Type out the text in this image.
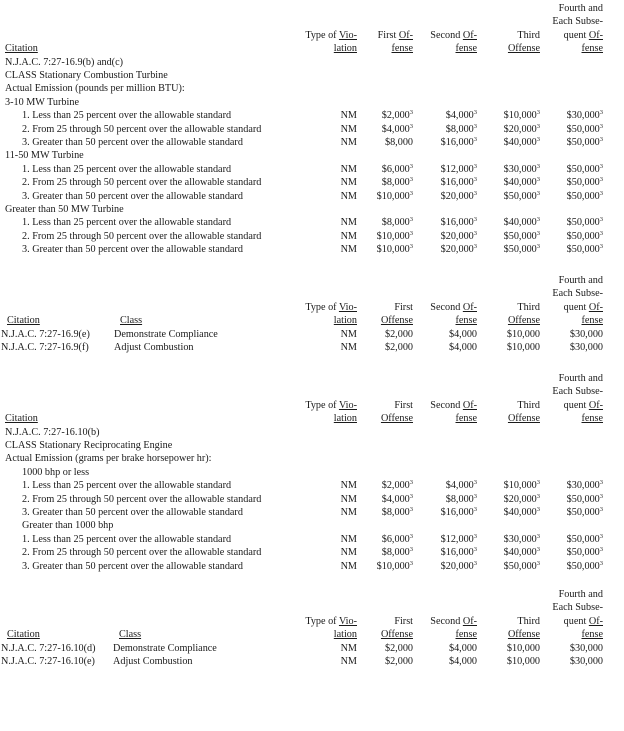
Fourth and
Each Subse-
quent Of-
fense
Type of Vio-
lation
First Of-
fense
Second Of-
fense
Third
Offense
Citation
N.J.A.C. 7:27-16.9(b) and(c)
CLASS Stationary Combustion Turbine
Actual Emission (pounds per million BTU):
3-10 MW Turbine
1. Less than 25 percent over the allowable standard	NM $2,000$^3$	$4,000$^3$	$10,000$^3$	$30,000$^3$
2. From 25 through 50 percent over the allowable standard	NM $4,000$^3$	$8,000$^3$	$20,000$^3$	$50,000$^3$
3. Greater than 50 percent over the allowable standard	NM	$8,000	$16,000$^3$	$40,000$^3$	$50,000$^3$
11-50 MW Turbine
1. Less than 25 percent over the allowable standard	NM $6,000$^3$	$12,000$^3$	$30,000$^3$	$50,000$^3$
2. From 25 through 50 percent over the allowable standard	NM $8,000$^3$	$16,000$^3$	$40,000$^3$	$50,000$^3$
3. Greater than 50 percent over the allowable standard	NM $10,000$^3$	$20,000$^3$	$50,000$^3$	$50,000$^3$
Greater than 50 MW Turbine
1. Less than 25 percent over the allowable standard	NM $8,000$^3$	$16,000$^3$	$40,000$^3$	$50,000$^3$
2. From 25 through 50 percent over the allowable standard	NM $10,000$^3$	$20,000$^3$	$50,000$^3$	$50,000$^3$
3. Greater than 50 percent over the allowable standard	NM $10,000$^3$	$20,000$^3$	$50,000$^3$	$50,000$^3$
Fourth and
Each Subse-
quent Of-
fense
Type of Vio-
lation
First
Offense
Second Of-
fense
Third
Offense
Citation	Class
N.J.A.C. 7:27-16.9(e) Demonstrate Compliance	NM	$2,000	$4,000	$10,000	$30,000
N.J.A.C. 7:27-16.9(f) Adjust Combustion	NM	$2,000	$4,000	$10,000	$30,000
Fourth and
Each Subse-
quent Of-
fense
Type of Vio-
lation
First
Offense
Second Of-
fense
Third
Offense
Citation
N.J.A.C. 7:27-16.10(b)
CLASS Stationary Reciprocating Engine
Actual Emission (grams per brake horsepower hr):
1000 bhp or less
1. Less than 25 percent over the allowable standard	NM $2,000$^3$	$4,000$^3$	$10,000$^3$	$30,000$^3$
2. From 25 through 50 percent over the allowable standard	NM $4,000$^3$	$8,000$^3$	$20,000$^3$	$50,000$^3$
3. Greater than 50 percent over the allowable standard	NM $8,000$^3$	$16,000$^3$	$40,000$^3$	$50,000$^3$
Greater than 1000 bhp
1. Less than 25 percent over the allowable standard	NM $6,000$^3$	$12,000$^3$	$30,000$^3$	$50,000$^3$
2. From 25 through 50 percent over the allowable standard	NM $8,000$^3$	$16,000$^3$	$40,000$^3$	$50,000$^3$
3. Greater than 50 percent over the allowable standard	NM $10,000$^3$	$20,000$^3$	$50,000$^3$	$50,000$^3$
Fourth and
Each Subse-
quent Of-
fense
Type of Vio-
lation
First
Offense
Second Of-
fense
Third
Offense
Citation	Class
N.J.A.C. 7:27-16.10(d) Demonstrate Compliance	NM	$2,000	$4,000	$10,000	$30,000
N.J.A.C. 7:27-16.10(e) Adjust Combustion	NM	$2,000	$4,000	$10,000	$30,000
